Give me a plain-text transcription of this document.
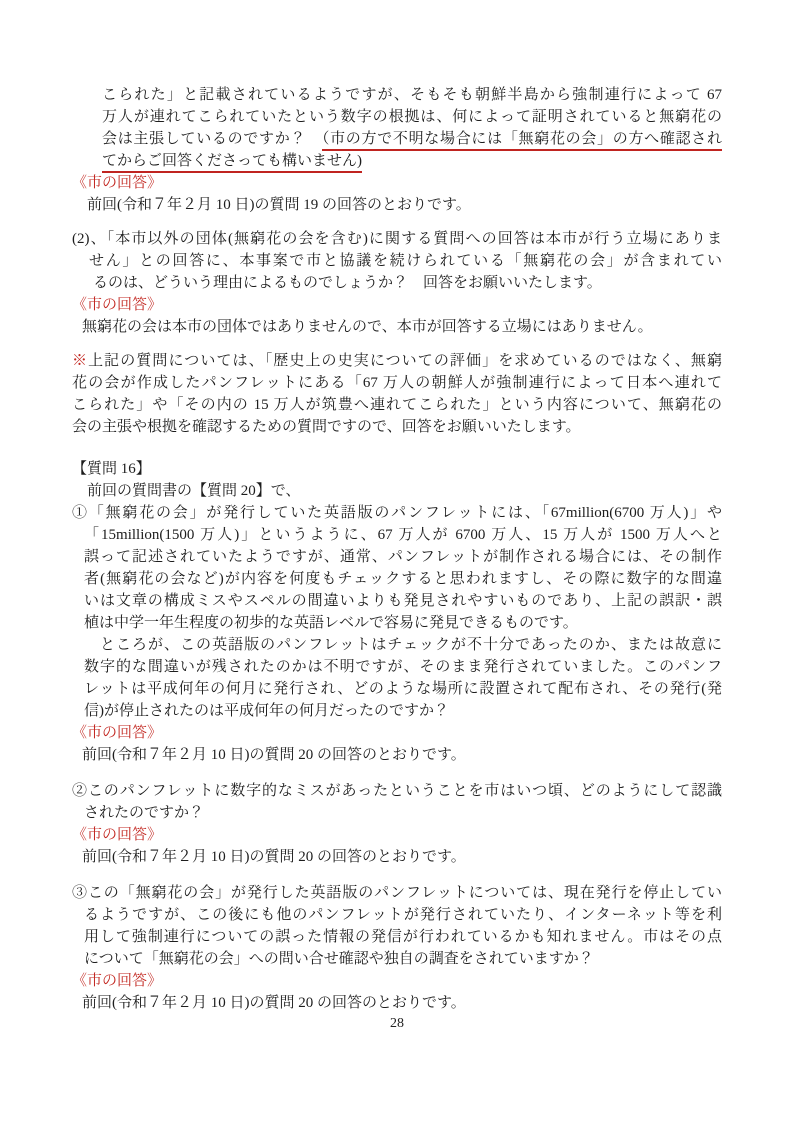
こられた」と記載されているようですが、そもそも朝鮮半島から強制連行によって 67

万人が連れてこられていたという数字の根拠は、何によって証明されていると無窮花の

会は主張しているのですか？　（市の方で不明な場合には「無窮花の会」の方へ確認され

てからご回答くださっても構いません)

《市の回答》

前回(令和７年２月 10 日)の質問 19 の回答のとおりです。

(2)、「本市以外の団体(無窮花の会を含む)に関する質問への回答は本市が行う立場にありま

せん」との回答に、本事案で市と協議を続けられている「無窮花の会」が含まれてい

るのは、どういう理由によるものでしょうか？　回答をお願いいたします。

《市の回答》

無窮花の会は本市の団体ではありませんので、本市が回答する立場にはありません。

※上記の質問については、「歴史上の史実についての評価」を求めているのではなく、無窮

花の会が作成したパンフレットにある「67 万人の朝鮮人が強制連行によって日本へ連れて

こられた」や「その内の 15 万人が筑豊へ連れてこられた」という内容について、無窮花の

会の主張や根拠を確認するための質問ですので、回答をお願いいたします。

【質問 16】

前回の質問書の【質問 20】で、

①「無窮花の会」が発行していた英語版のパンフレットには、「67million(6700 万人)」や

「15million(1500 万人)」というように、67 万人が 6700 万人、15 万人が 1500 万人へと

誤って記述されていたようですが、通常、パンフレットが制作される場合には、その制作

者(無窮花の会など)が内容を何度もチェックすると思われますし、その際に数字的な間違

いは文章の構成ミスやスペルの間違いよりも発見されやすいものであり、上記の誤訳・誤

植は中学一年生程度の初歩的な英語レベルで容易に発見できるものです。

　ところが、この英語版のパンフレットはチェックが不十分であったのか、または故意に

数字的な間違いが残されたのかは不明ですが、そのまま発行されていました。このパンフ

レットは平成何年の何月に発行され、どのような場所に設置されて配布され、その発行(発

信)が停止されたのは平成何年の何月だったのですか？

《市の回答》

前回(令和７年２月 10 日)の質問 20 の回答のとおりです。

②このパンフレットに数字的なミスがあったということを市はいつ頃、どのようにして認識

されたのですか？

《市の回答》

前回(令和７年２月 10 日)の質問 20 の回答のとおりです。

③この「無窮花の会」が発行した英語版のパンフレットについては、現在発行を停止してい

るようですが、この後にも他のパンフレットが発行されていたり、インターネット等を利

用して強制連行についての誤った情報の発信が行われているかも知れません。市はその点

について「無窮花の会」への問い合せ確認や独自の調査をされていますか？

《市の回答》

前回(令和７年２月 10 日)の質問 20 の回答のとおりです。

28
